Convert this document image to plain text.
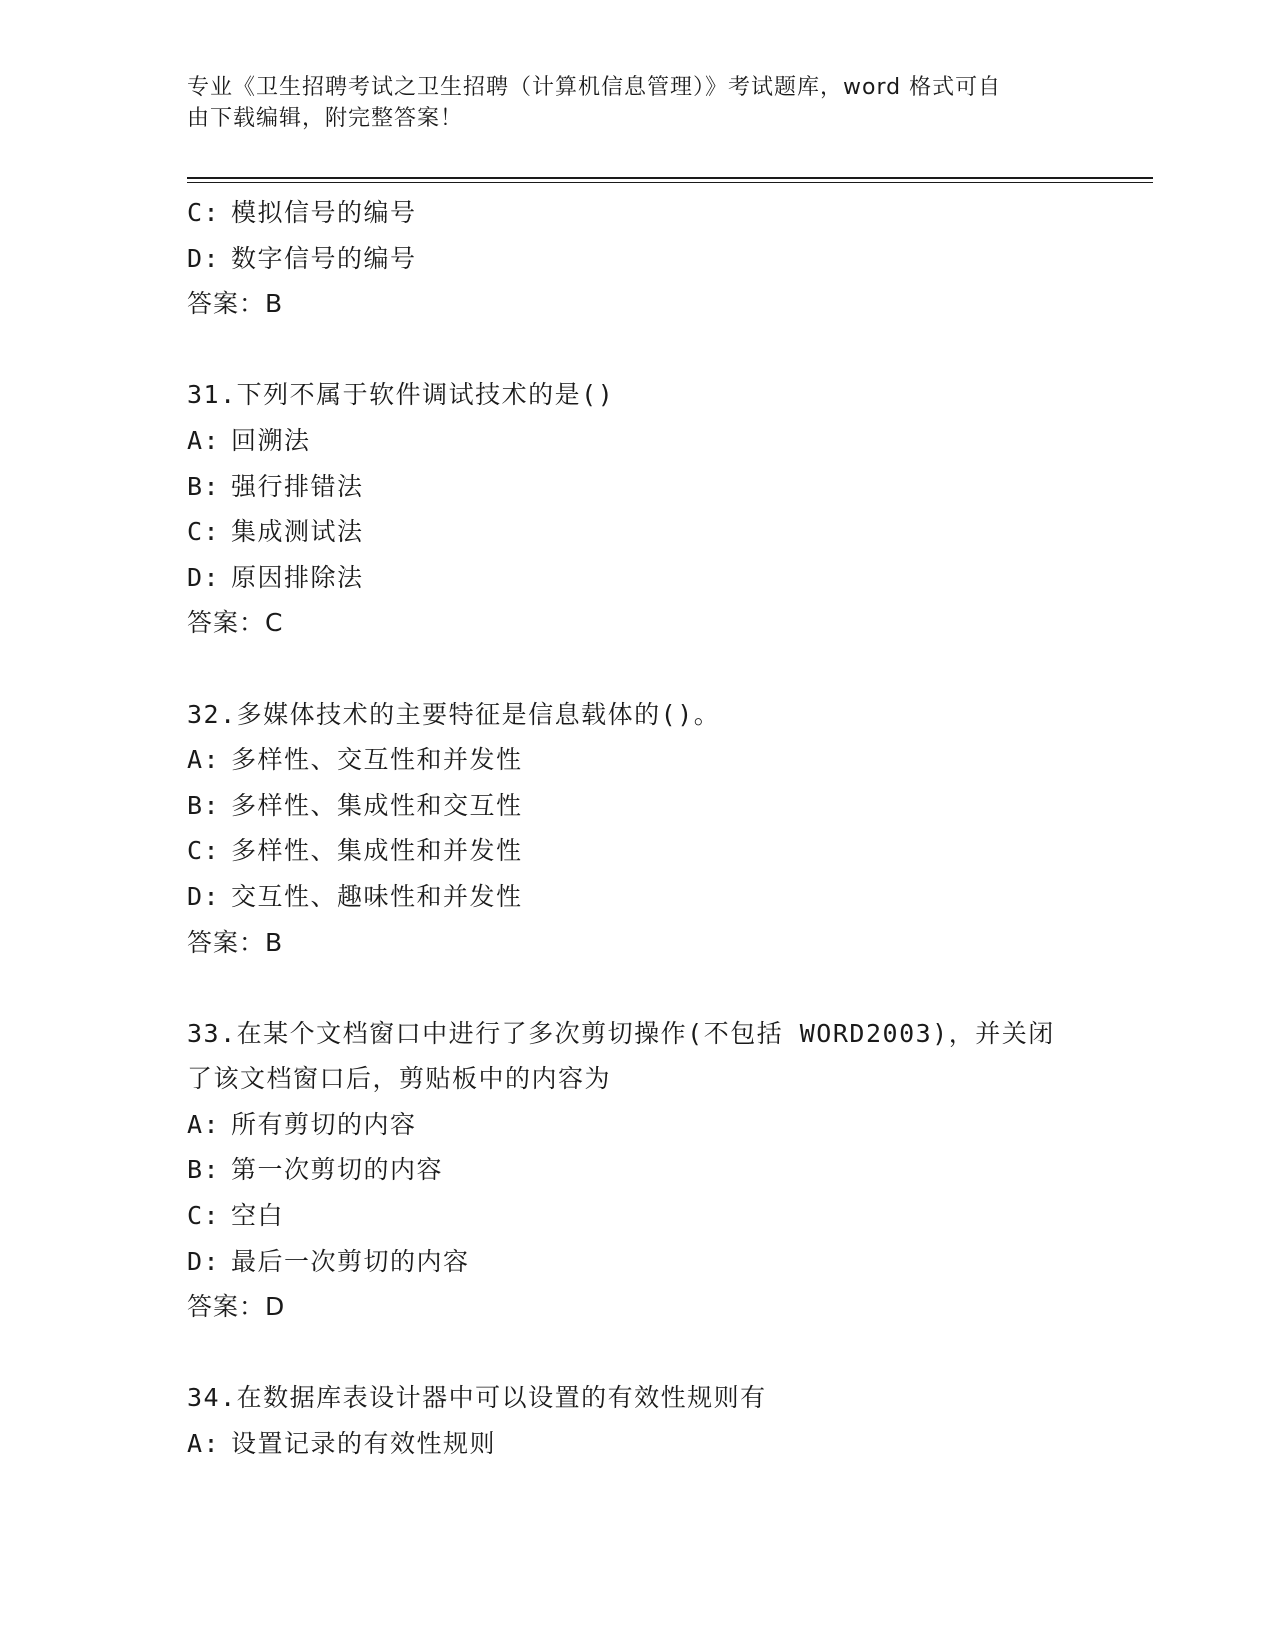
专业《卫生招聘考试之卫生招聘（计算机信息管理）》考试题库，word 格式可自
由下载编辑，附完整答案！
C: 模拟信号的编号
D: 数字信号的编号
答案：B
31.下列不属于软件调试技术的是()
A: 回溯法
B: 强行排错法
C: 集成测试法
D: 原因排除法
答案：C
32.多媒体技术的主要特征是信息载体的()。
A: 多样性、交互性和并发性
B: 多样性、集成性和交互性
C: 多样性、集成性和并发性
D: 交互性、趣味性和并发性
答案：B
33.在某个文档窗口中进行了多次剪切操作(不包括 WORD2003)，并关闭
了该文档窗口后，剪贴板中的内容为
A: 所有剪切的内容
B: 第一次剪切的内容
C: 空白
D: 最后一次剪切的内容
答案：D
34.在数据库表设计器中可以设置的有效性规则有
A: 设置记录的有效性规则
